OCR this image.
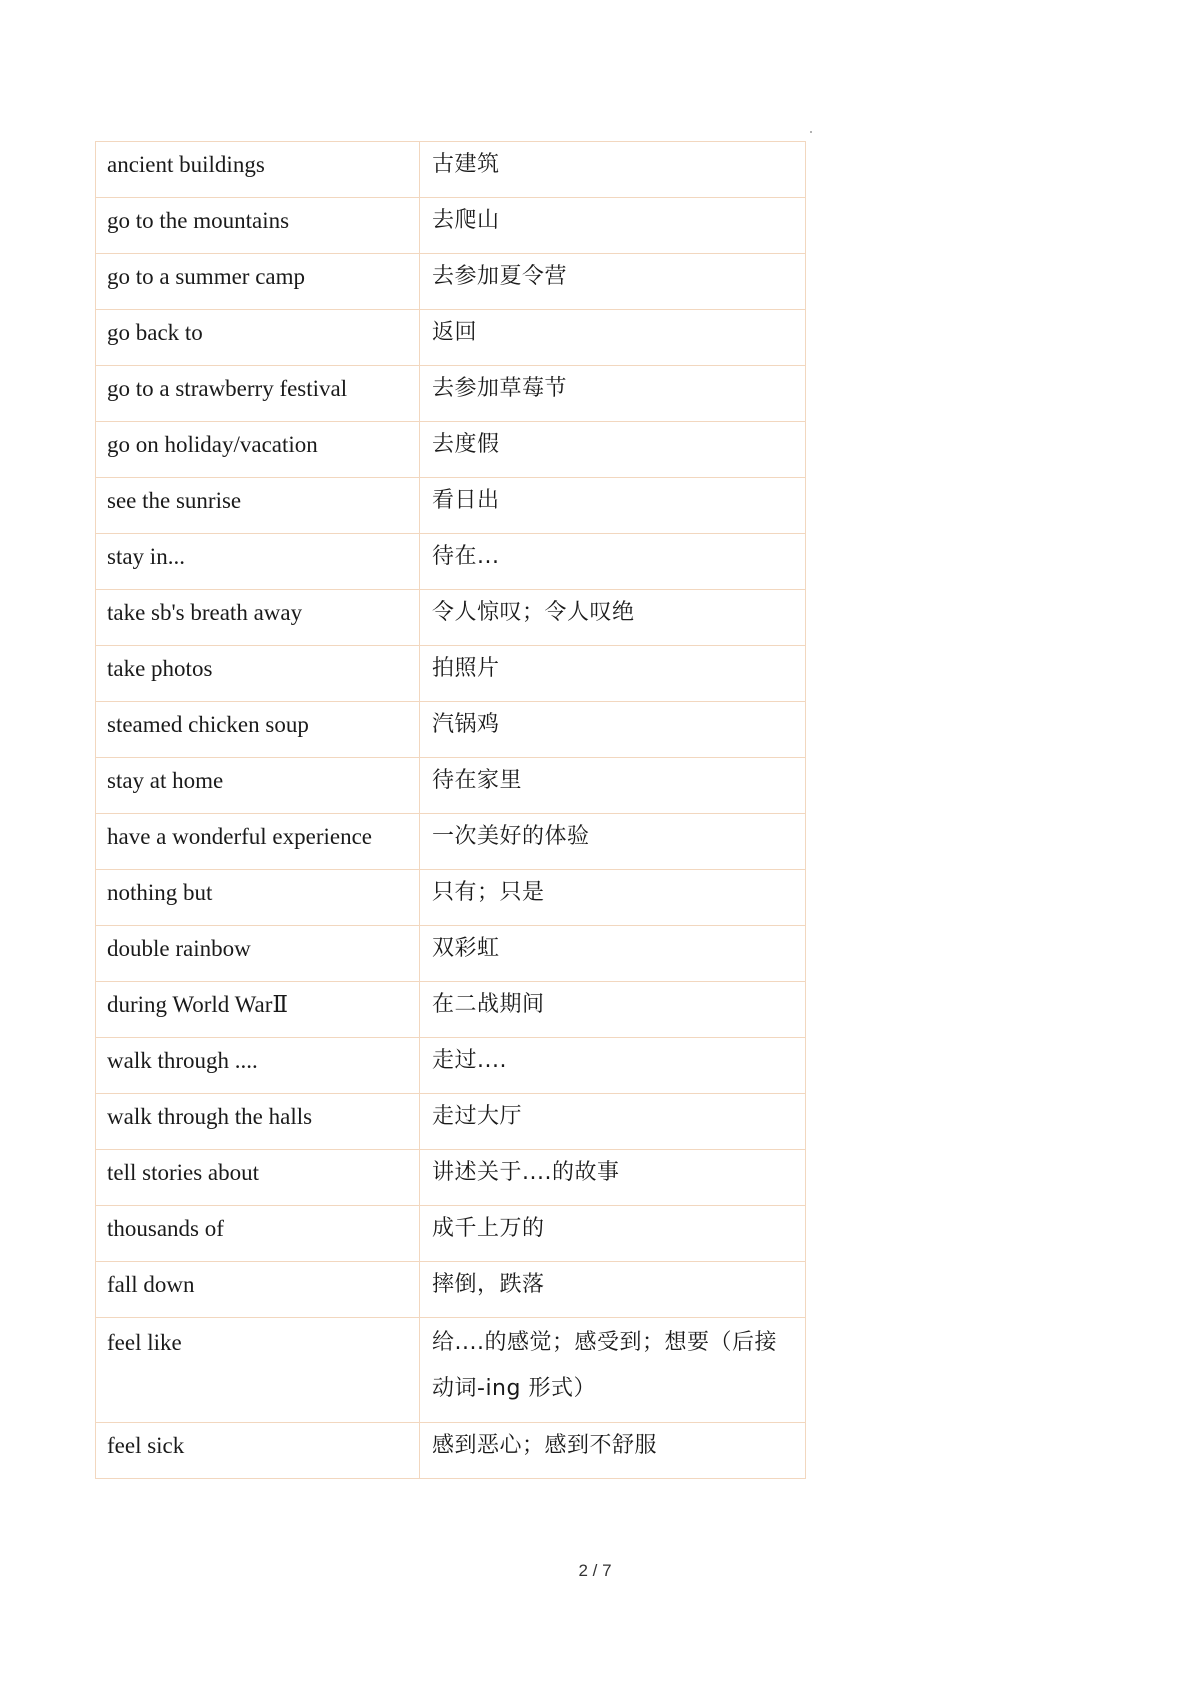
ancient buildings	古建筑
go to the mountains	去爬山
go to a summer camp	去参加夏令营
go back to	返回
go to a strawberry festival	去参加草莓节
go on holiday/vacation	去度假
see the sunrise	看日出
stay in...	待在...
take sb's breath away	令人惊叹；令人叹绝
take photos	拍照片
steamed chicken soup	汽锅鸡
stay at home	待在家里
have a wonderful experience	一次美好的体验
nothing but	只有；只是
double rainbow	双彩虹
during World WarⅡ	在二战期间
walk through ....	走过....
walk through the halls	走过大厅
tell stories about	讲述关于....的故事
thousands of	成千上万的
fall down	摔倒，跌落
feel like	给....的感觉；感受到；想要（后接动词-ing 形式）
feel sick	感到恶心；感到不舒服
2 / 7
